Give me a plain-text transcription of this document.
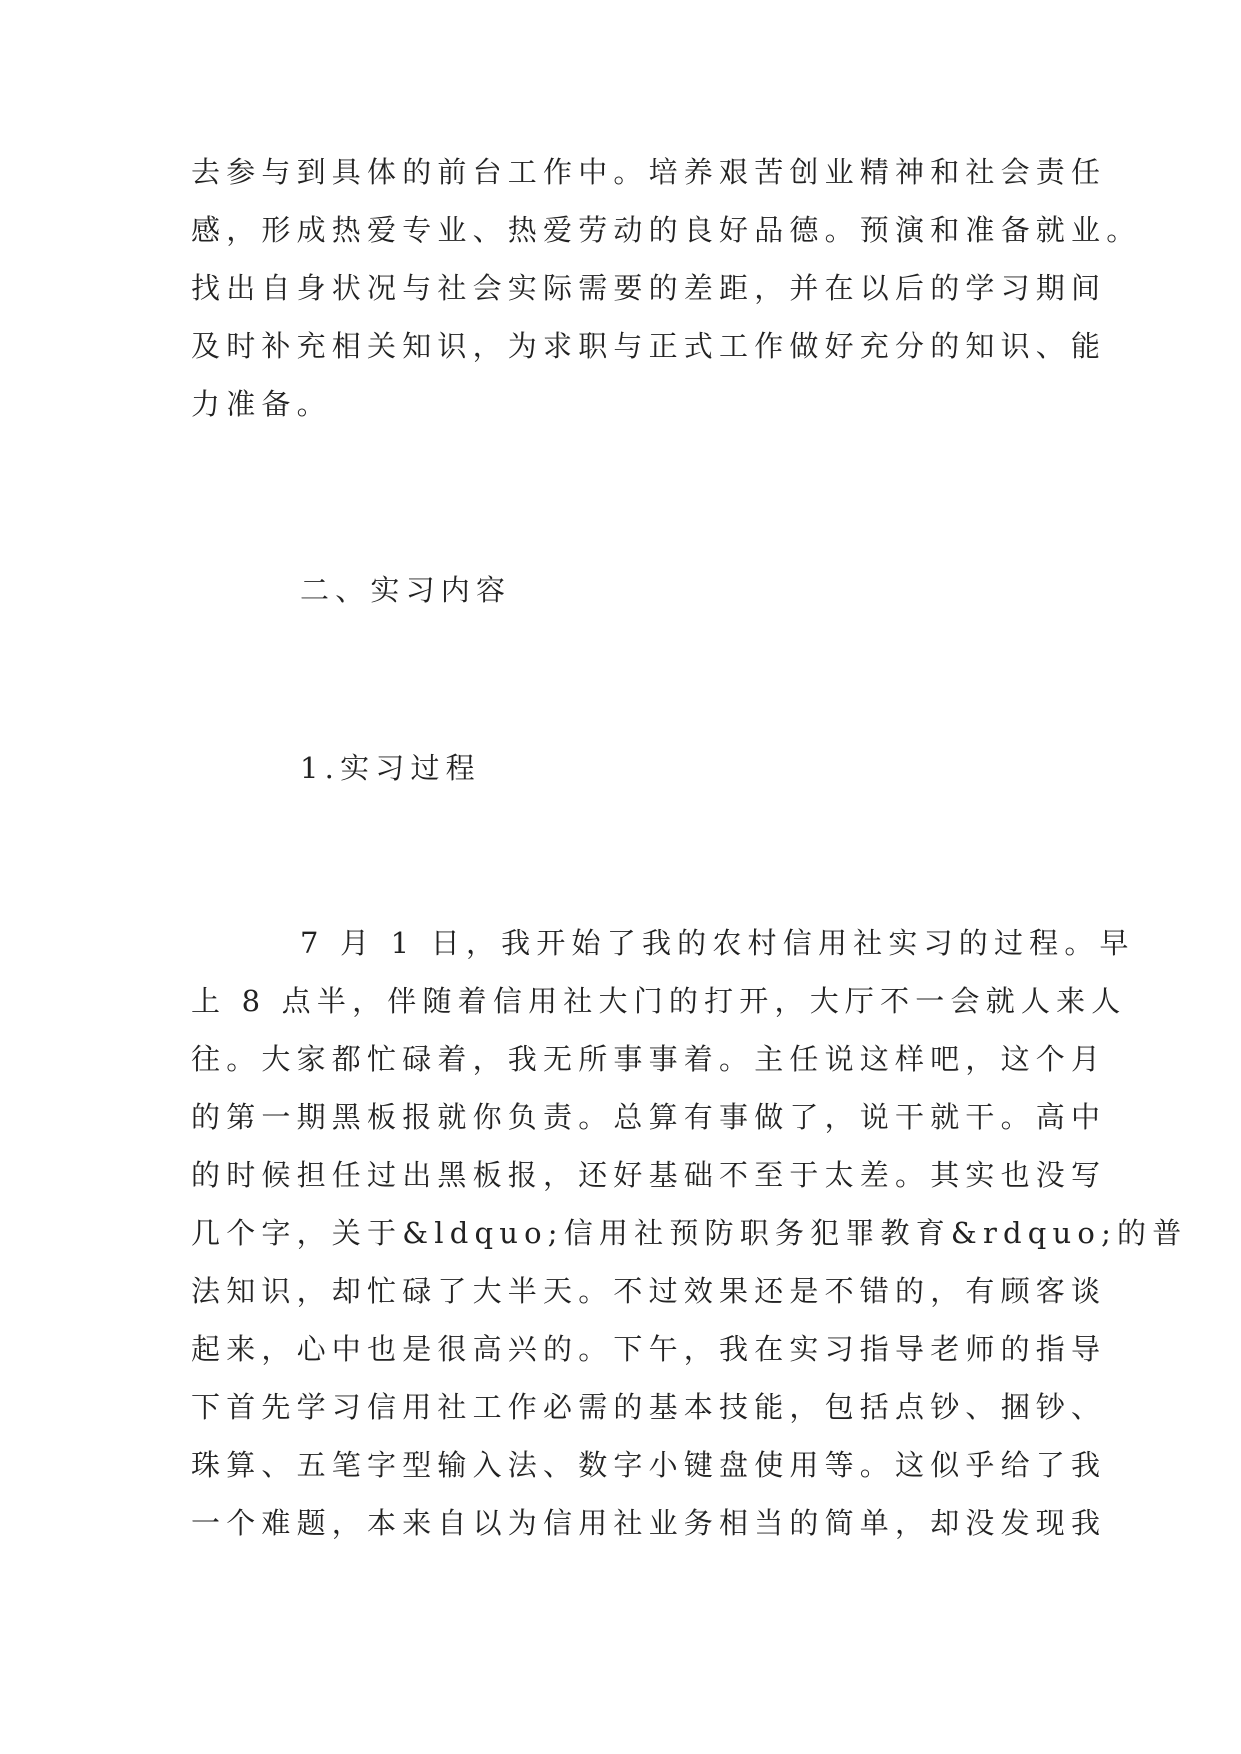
去参与到具体的前台工作中。培养艰苦创业精神和社会责任

感，形成热爱专业、热爱劳动的良好品德。预演和准备就业。

找出自身状况与社会实际需要的差距，并在以后的学习期间

及时补充相关知识，为求职与正式工作做好充分的知识、能

力准备。

二、实习内容
1.实习过程

7 月 1 日，我开始了我的农村信用社实习的过程。早

上 8 点半，伴随着信用社大门的打开，大厅不一会就人来人

往。大家都忙碌着，我无所事事着。主任说这样吧，这个月

的第一期黑板报就你负责。总算有事做了，说干就干。高中

的时候担任过出黑板报，还好基础不至于太差。其实也没写

几个字，关于&ldquo;信用社预防职务犯罪教育&rdquo;的普

法知识，却忙碌了大半天。不过效果还是不错的，有顾客谈

起来，心中也是很高兴的。下午，我在实习指导老师的指导

下首先学习信用社工作必需的基本技能，包括点钞、捆钞、

珠算、五笔字型输入法、数字小键盘使用等。这似乎给了我

一个难题，本来自以为信用社业务相当的简单，却没发现我
